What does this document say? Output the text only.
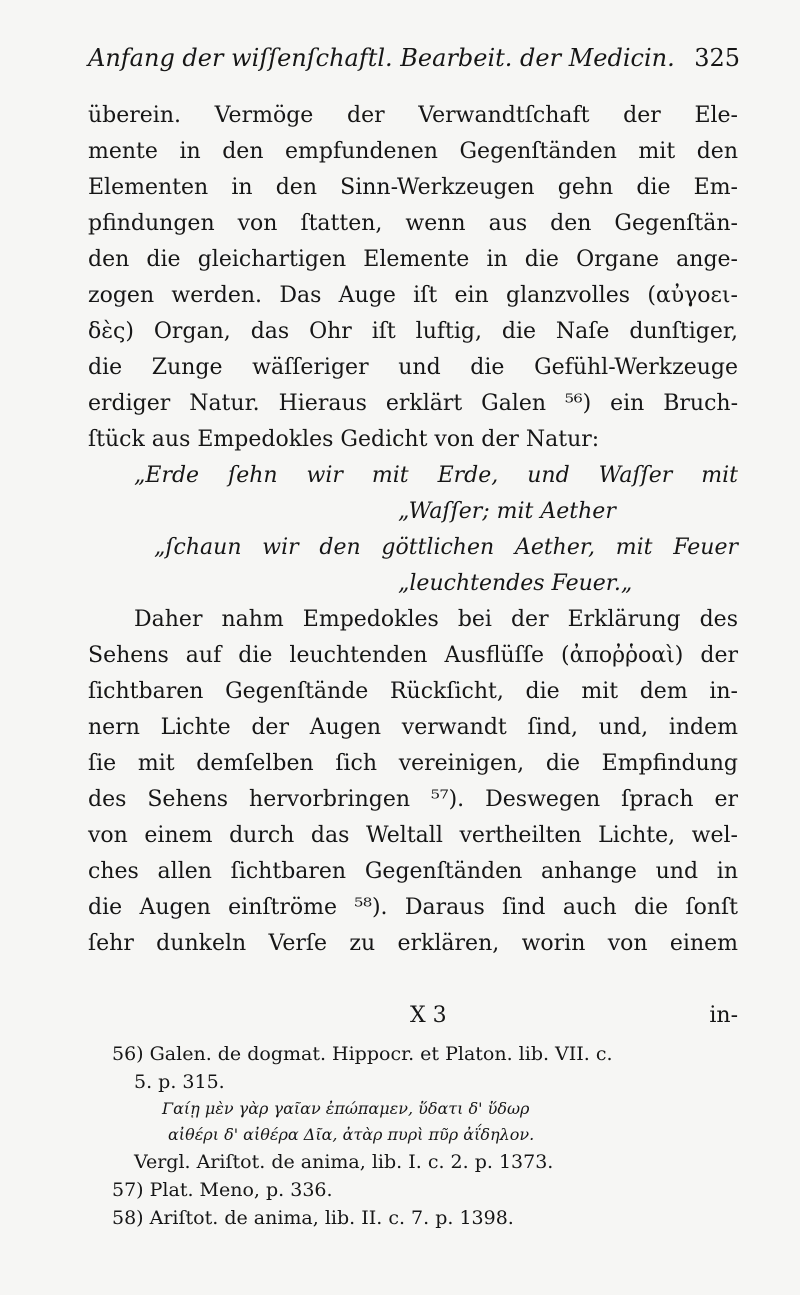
Anfang der wiſſenſchaftl. Bearbeit. der Medicin. 325
überein. Vermöge der Verwandtſchaft der Ele-
mente in den empfundenen Gegenſtänden mit den
Elementen in den Sinn-Werkzeugen gehn die Em-
pfindungen von ſtatten, wenn aus den Gegenſtän-
den die gleichartigen Elemente in die Organe ange-
zogen werden. Das Auge iſt ein glanzvolles (αὐγοει-
δὲς) Organ, das Ohr iſt luftig, die Naſe dunſtiger,
die Zunge wäſſeriger und die Gefühl-Werkzeuge
erdiger Natur. Hieraus erklärt Galen ⁵⁶) ein Bruch-
ſtück aus Empedokles Gedicht von der Natur:
„Erde ſehn wir mit Erde, und Waſſer mit
„Waſſer; mit Aether
„ſchaun wir den göttlichen Aether, mit Feuer
„leuchtendes Feuer.„
Daher nahm Empedokles bei der Erklärung des
Sehens auf die leuchtenden Ausflüſſe (ἀποῤῥοαὶ) der
ſichtbaren Gegenſtände Rückſicht, die mit dem in-
nern Lichte der Augen verwandt ſind, und, indem
ſie mit demſelben ſich vereinigen, die Empfindung
des Sehens hervorbringen ⁵⁷). Deswegen ſprach er
von einem durch das Weltall vertheilten Lichte, wel-
ches allen ſichtbaren Gegenſtänden anhange und in
die Augen einſtröme ⁵⁸). Daraus ſind auch die ſonſt
ſehr dunkeln Verſe zu erklären, worin von einem
X 3	in-
56) Galen. de dogmat. Hippocr. et Platon. lib. VII. c.
5. p. 315.
Γαίῃ μὲν γὰρ γαῖαν ἐπώπαμεν, ὕδατι δ' ὕδωρ
αἰθέρι δ' αἰθέρα Δῖα, ἀτὰρ πυρὶ πῦρ ἀΐδηλον.
Vergl. Ariſtot. de anima, lib. I. c. 2. p. 1373.
57) Plat. Meno, p. 336.
58) Ariſtot. de anima, lib. II. c. 7. p. 1398.
